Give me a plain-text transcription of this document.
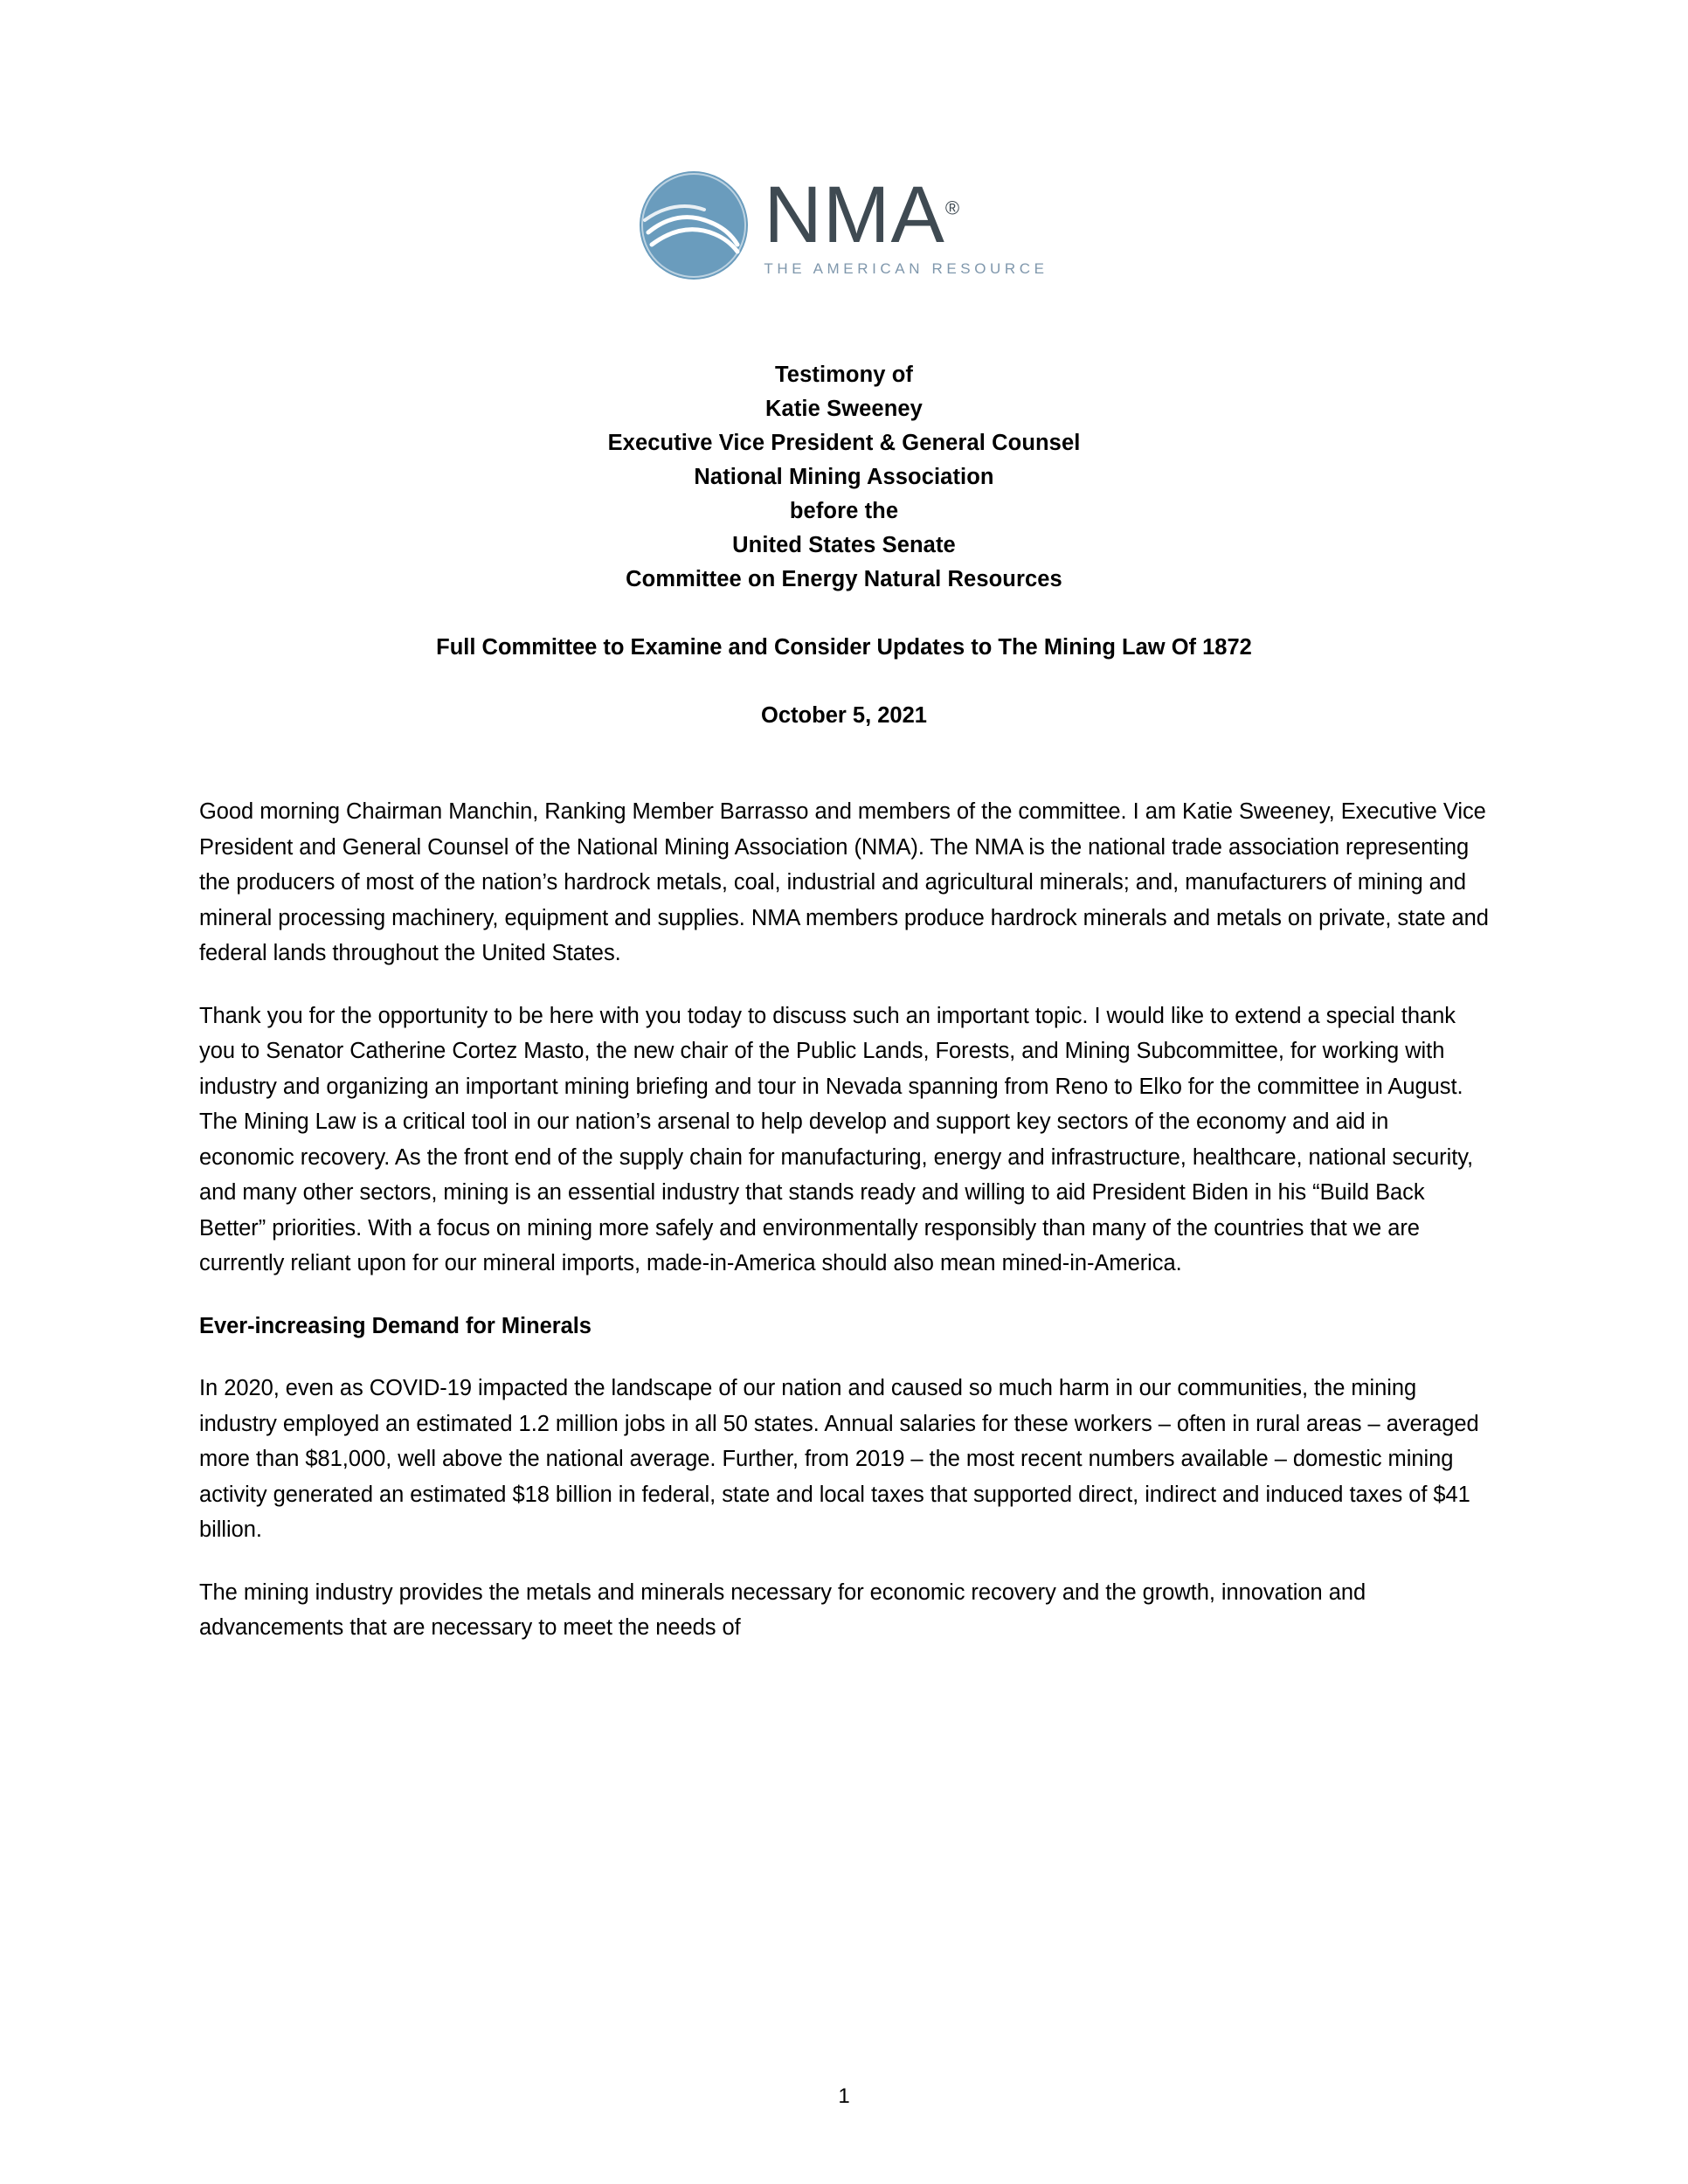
NMA®
THE AMERICAN RESOURCE
Testimony of
Katie Sweeney
Executive Vice President & General Counsel
National Mining Association
before the
United States Senate
Committee on Energy Natural Resources
Full Committee to Examine and Consider Updates to The Mining Law Of 1872
October 5, 2021

Good morning Chairman Manchin, Ranking Member Barrasso and members of the committee. I am Katie Sweeney, Executive Vice President and General Counsel of the National Mining Association (NMA). The NMA is the national trade association representing the producers of most of the nation’s hardrock metals, coal, industrial and agricultural minerals; and, manufacturers of mining and mineral processing machinery, equipment and supplies. NMA members produce hardrock minerals and metals on private, state and federal lands throughout the United States.

Thank you for the opportunity to be here with you today to discuss such an important topic. I would like to extend a special thank you to Senator Catherine Cortez Masto, the new chair of the Public Lands, Forests, and Mining Subcommittee, for working with industry and organizing an important mining briefing and tour in Nevada spanning from Reno to Elko for the committee in August. The Mining Law is a critical tool in our nation’s arsenal to help develop and support key sectors of the economy and aid in economic recovery. As the front end of the supply chain for manufacturing, energy and infrastructure, healthcare, national security, and many other sectors, mining is an essential industry that stands ready and willing to aid President Biden in his “Build Back Better” priorities. With a focus on mining more safely and environmentally responsibly than many of the countries that we are currently reliant upon for our mineral imports, made-in-America should also mean mined-in-America.

Ever-increasing Demand for Minerals

In 2020, even as COVID-19 impacted the landscape of our nation and caused so much harm in our communities, the mining industry employed an estimated 1.2 million jobs in all 50 states. Annual salaries for these workers – often in rural areas – averaged more than $81,000, well above the national average. Further, from 2019 – the most recent numbers available – domestic mining activity generated an estimated $18 billion in federal, state and local taxes that supported direct, indirect and induced taxes of $41 billion.

The mining industry provides the metals and minerals necessary for economic recovery and the growth, innovation and advancements that are necessary to meet the needs of

1
